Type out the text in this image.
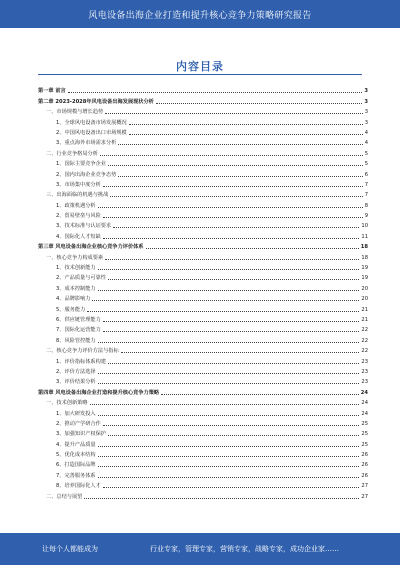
风电设备出海企业打造和提升核心竞争力策略研究报告
内容目录
第一章 前言	3
第二章 2023-2028年风电设备出海发展现状分析	3
一、市场规模与增长趋势	3
1、全球风电设备市场发展概况	3
2、中国风电设备出口市场规模	4
3、重点海外市场需求分析	4
二、行业竞争格局分析	5
1、国际主要竞争企业	5
2、国内出海企业竞争态势	6
3、市场集中度分析	7
三、出海面临的机遇与挑战	7
1、政策机遇分析	8
2、贸易壁垒与风险	9
3、技术标准与认证要求	10
4、国际化人才短缺	11
第三章 风电设备出海企业核心竞争力评价体系	18
一、核心竞争力构成要素	18
1、技术创新能力	19
2、产品质量与可靠性	19
3、成本控制能力	20
4、品牌影响力	20
5、服务能力	21
6、供应链管理能力	21
7、国际化运营能力	22
8、风险管控能力	22
二、核心竞争力评价方法与指标	22
1、评价指标体系构建	23
2、评价方法选择	23
3、评价结果分析	23
第四章 风电设备出海企业打造和提升核心竞争力策略	24
一、技术创新策略	24
1、加大研发投入	24
2、推动产学研合作	25
3、加强知识产权保护	25
4、提升产品质量	25
5、优化成本结构	26
6、打造国际品牌	26
7、完善服务体系	26
8、培养国际化人才	27
二、总结与展望	27
让每个人都能成为	行业专家，管理专家，营销专家，战略专家，成功企业家……
